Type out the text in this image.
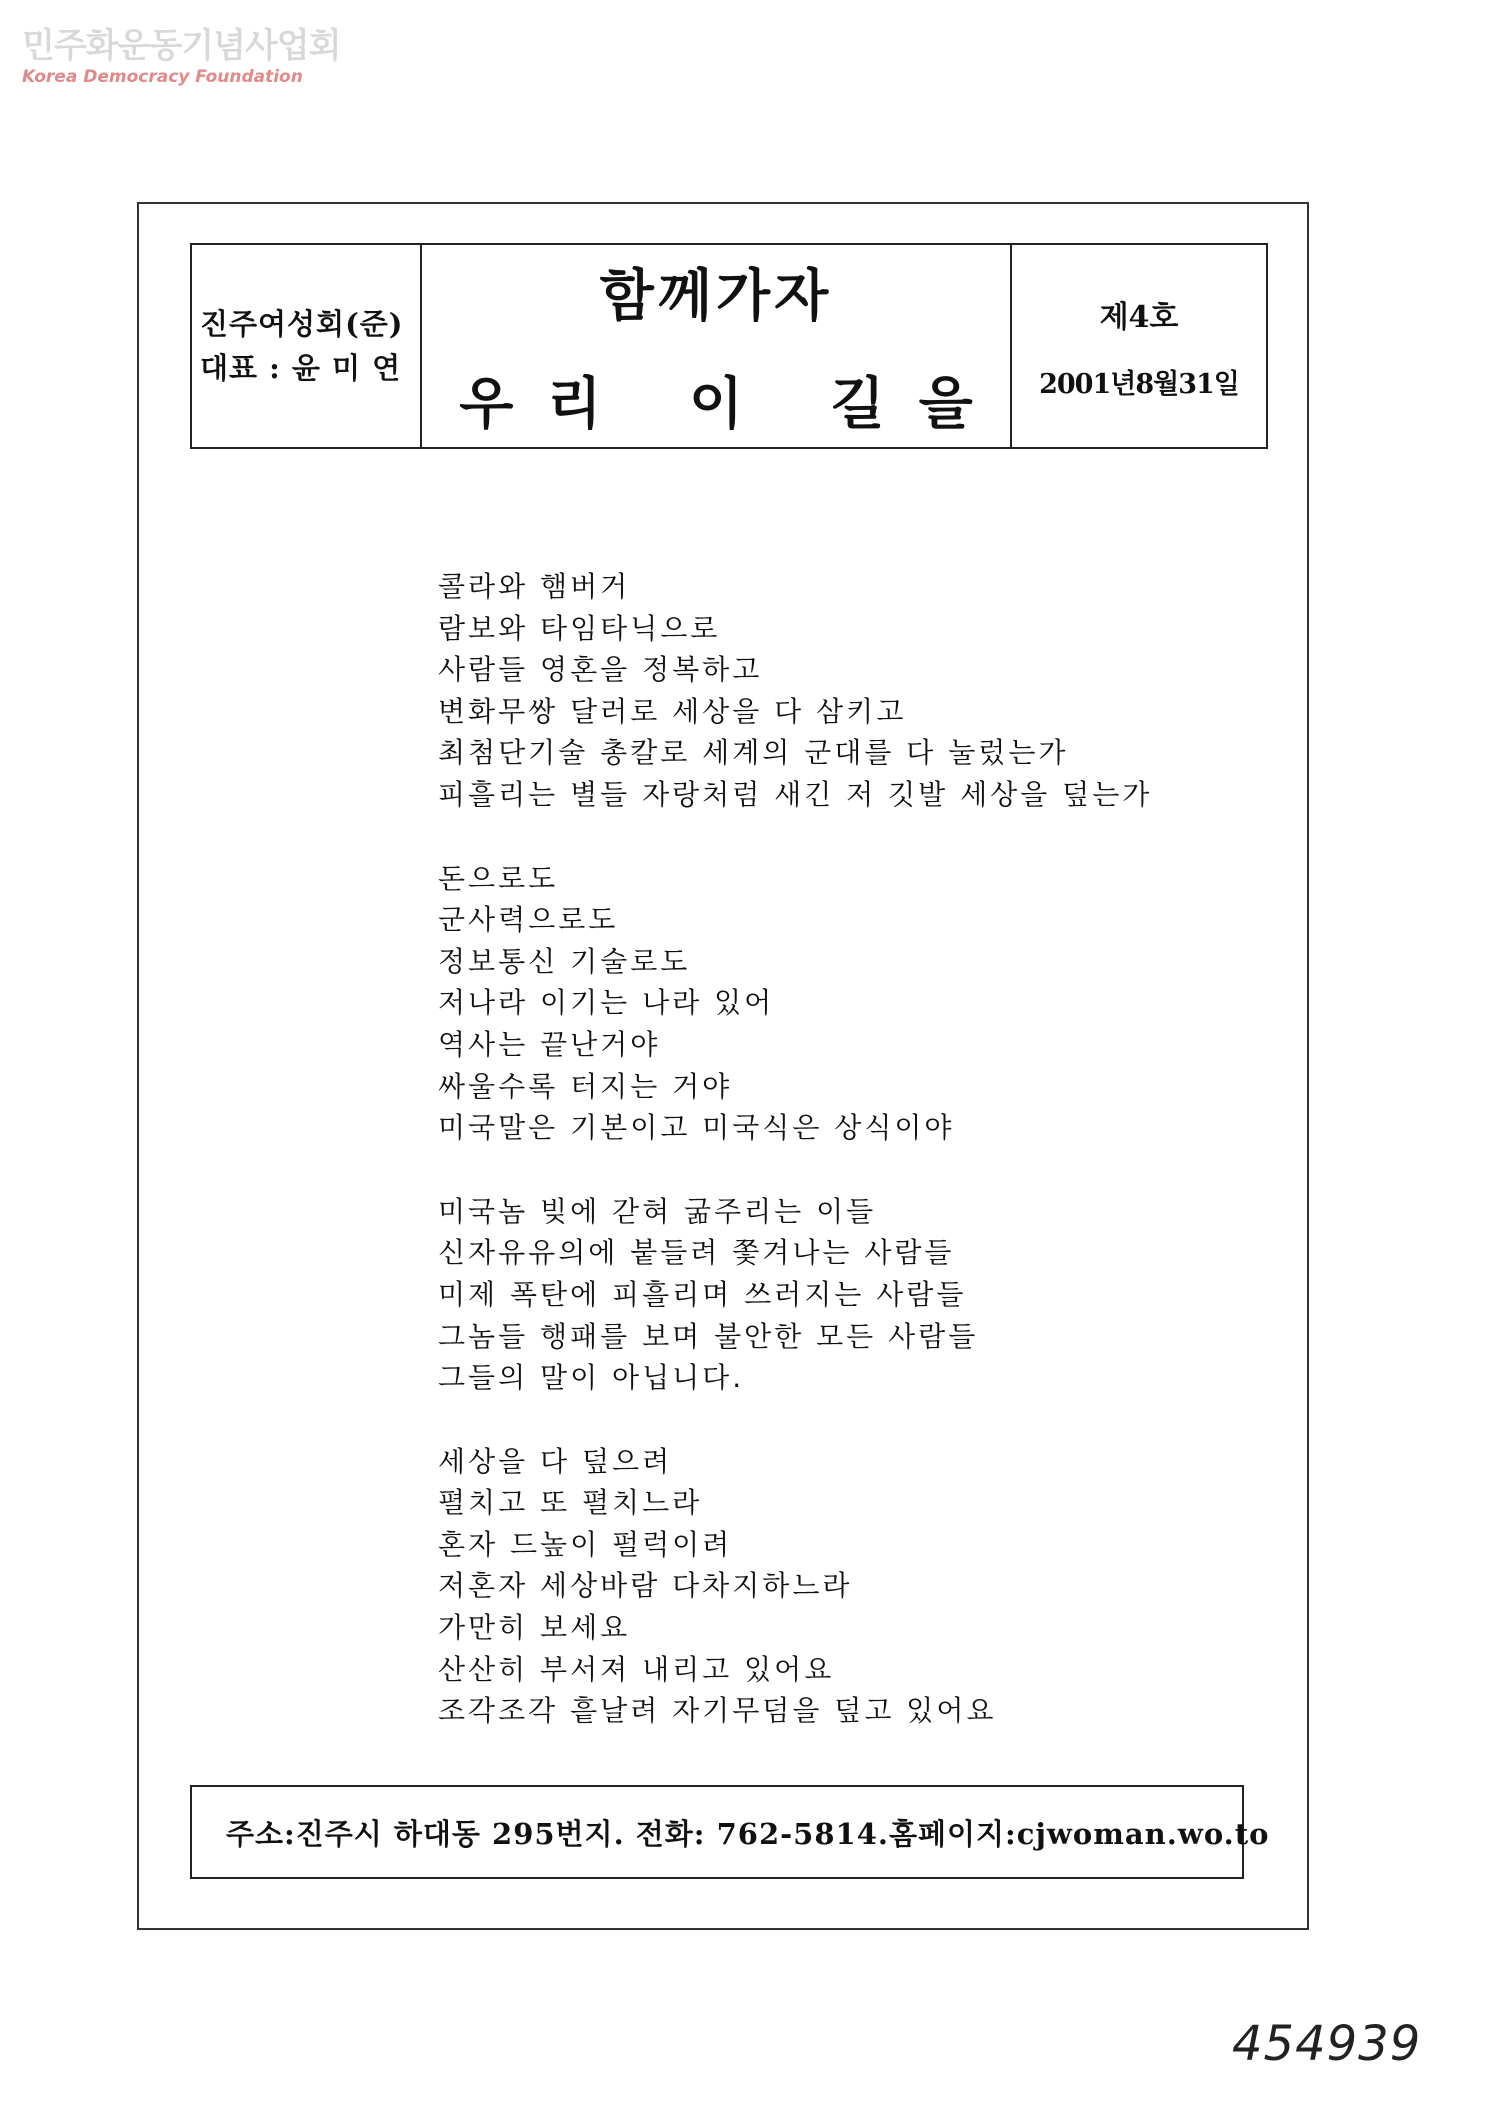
민주화운동기념사업회
Korea Democracy Foundation
진주여성회(준)
대표 : 윤 미 연
함께가자
우리 이 길을
제4호
2001년8월31일
콜라와 햄버거
람보와 타임타닉으로
사람들 영혼을 정복하고
변화무쌍 달러로 세상을 다 삼키고
최첨단기술 총칼로 세계의 군대를 다 눌렀는가
피흘리는 별들 자랑처럼 새긴 저 깃발 세상을 덮는가
돈으로도
군사력으로도
정보통신 기술로도
저나라 이기는 나라 있어
역사는 끝난거야
싸울수록 터지는 거야
미국말은 기본이고 미국식은 상식이야
미국놈 빚에 갇혀 굶주리는 이들
신자유유의에 붙들려 쫓겨나는 사람들
미제 폭탄에 피흘리며 쓰러지는 사람들
그놈들 행패를 보며 불안한 모든 사람들
그들의 말이 아닙니다.
세상을 다 덮으려
펼치고 또 펼치느라
혼자 드높이 펄럭이려
저혼자 세상바람 다차지하느라
가만히 보세요
산산히 부서져 내리고 있어요
조각조각 흩날려 자기무덤을 덮고 있어요
주소:진주시 하대동 295번지. 전화: 762-5814.홈페이지:cjwoman.wo.to
454939
